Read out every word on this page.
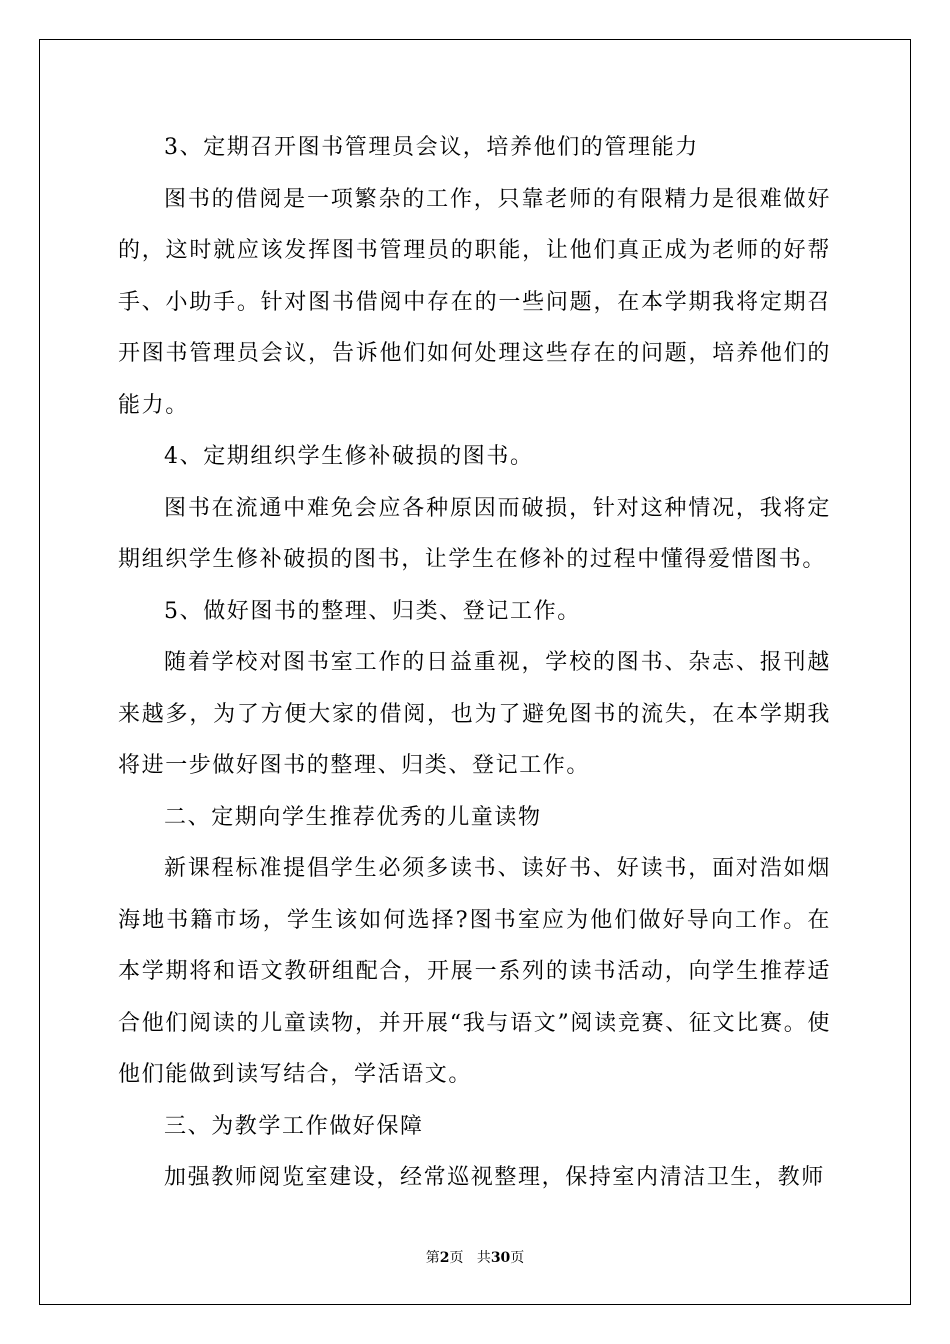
3、定期召开图书管理员会议，培养他们的管理能力

图书的借阅是一项繁杂的工作，只靠老师的有限精力是很难做好的，这时就应该发挥图书管理员的职能，让他们真正成为老师的好帮手、小助手。针对图书借阅中存在的一些问题，在本学期我将定期召开图书管理员会议，告诉他们如何处理这些存在的问题，培养他们的能力。

4、定期组织学生修补破损的图书。

图书在流通中难免会应各种原因而破损，针对这种情况，我将定期组织学生修补破损的图书，让学生在修补的过程中懂得爱惜图书。

5、做好图书的整理、归类、登记工作。

随着学校对图书室工作的日益重视，学校的图书、杂志、报刊越来越多，为了方便大家的借阅，也为了避免图书的流失，在本学期我将进一步做好图书的整理、归类、登记工作。

二、定期向学生推荐优秀的儿童读物

新课程标准提倡学生必须多读书、读好书、好读书，面对浩如烟海地书籍市场，学生该如何选择?图书室应为他们做好导向工作。在本学期将和语文教研组配合，开展一系列的读书活动，向学生推荐适合他们阅读的儿童读物，并开展“我与语文”阅读竞赛、征文比赛。使他们能做到读写结合，学活语文。

三、为教学工作做好保障

加强教师阅览室建设，经常巡视整理，保持室内清洁卫生，教师

第2页 共30页
